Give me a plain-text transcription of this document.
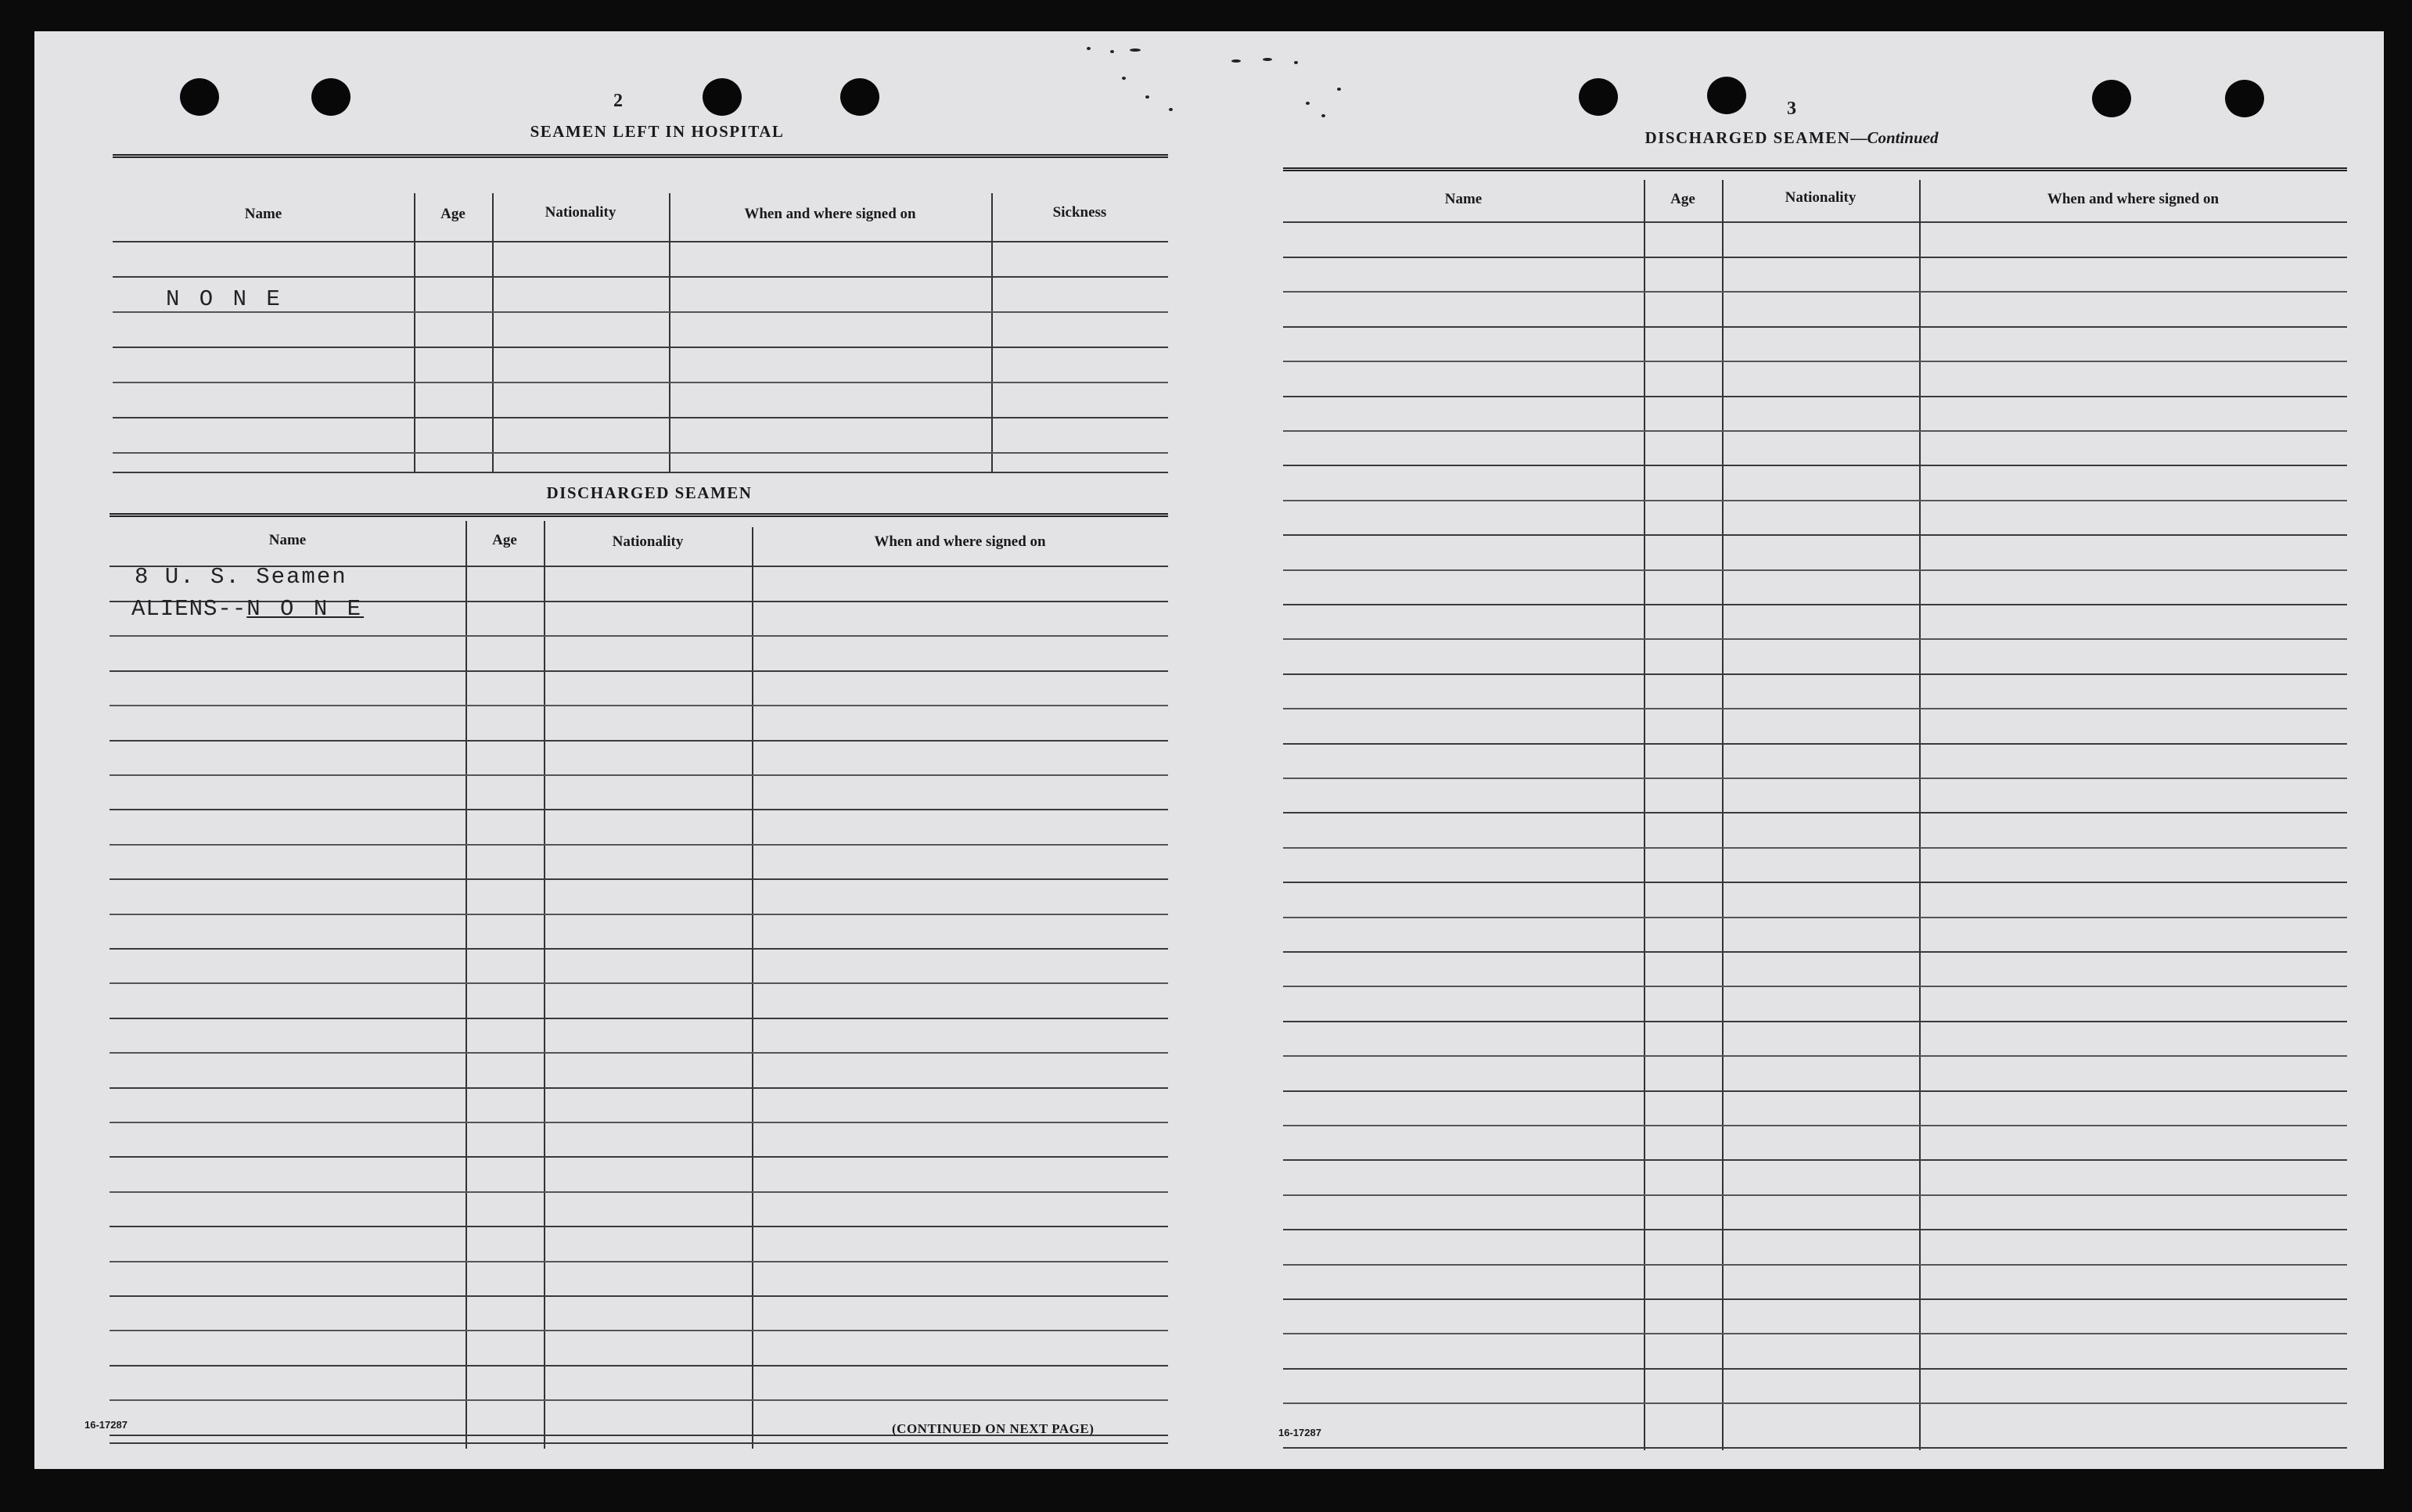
2
SEAMEN LEFT IN HOSPITAL
Name	Age	Nationality	When and where signed on	Sickness
N O N E
DISCHARGED SEAMEN
Name	Age	Nationality	When and where signed on
8 U. S. Seamen
ALIENS--N O N E
16-17287	(CONTINUED ON NEXT PAGE)
3
DISCHARGED SEAMEN—Continued
Name	Age	Nationality	When and where signed on
16-17287
